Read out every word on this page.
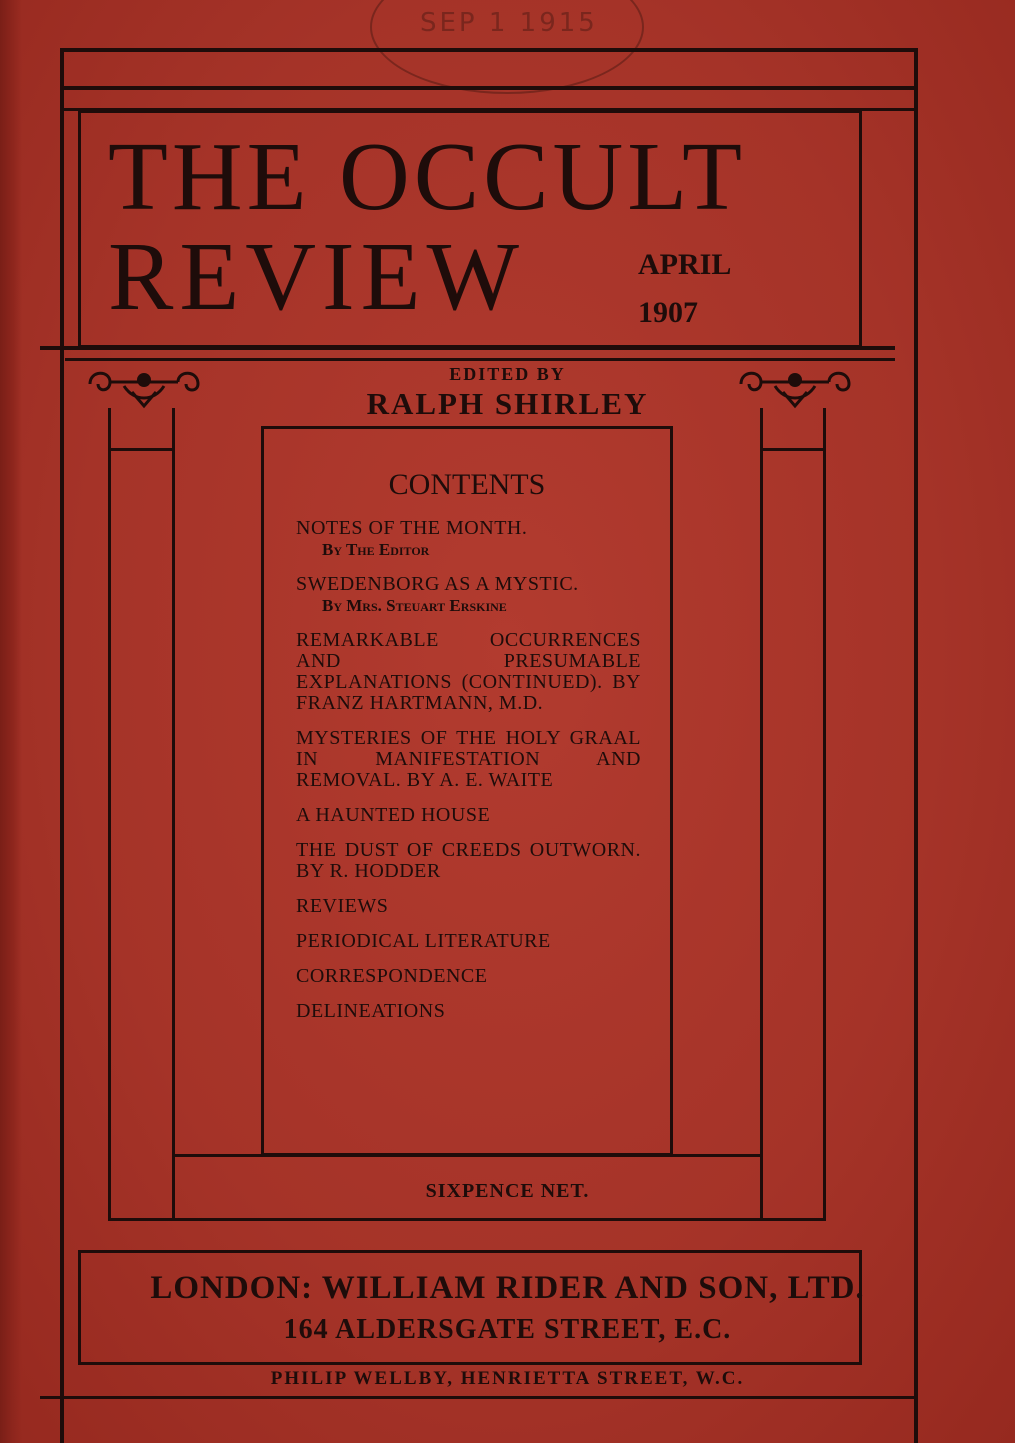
SEP 1 1915
THE OCCULT
REVIEW	APRIL
1907
EDITED BY
RALPH SHIRLEY
CONTENTS
NOTES OF THE MONTH.
By The Editor
SWEDENBORG AS A MYSTIC.
By Mrs. Steuart Erskine
REMARKABLE OCCURRENCES AND PRESUMABLE EXPLANATIONS (CONTINUED). BY FRANZ HARTMANN, M.D.
MYSTERIES OF THE HOLY GRAAL IN MANIFESTATION AND REMOVAL. BY A. E. WAITE
A HAUNTED HOUSE
THE DUST OF CREEDS OUTWORN. BY R. HODDER
REVIEWS
PERIODICAL LITERATURE
CORRESPONDENCE
DELINEATIONS
SIXPENCE NET.
LONDON: WILLIAM RIDER AND SON, LTD.
164 ALDERSGATE STREET, E.C.
PHILIP WELLBY, HENRIETTA STREET, W.C.
